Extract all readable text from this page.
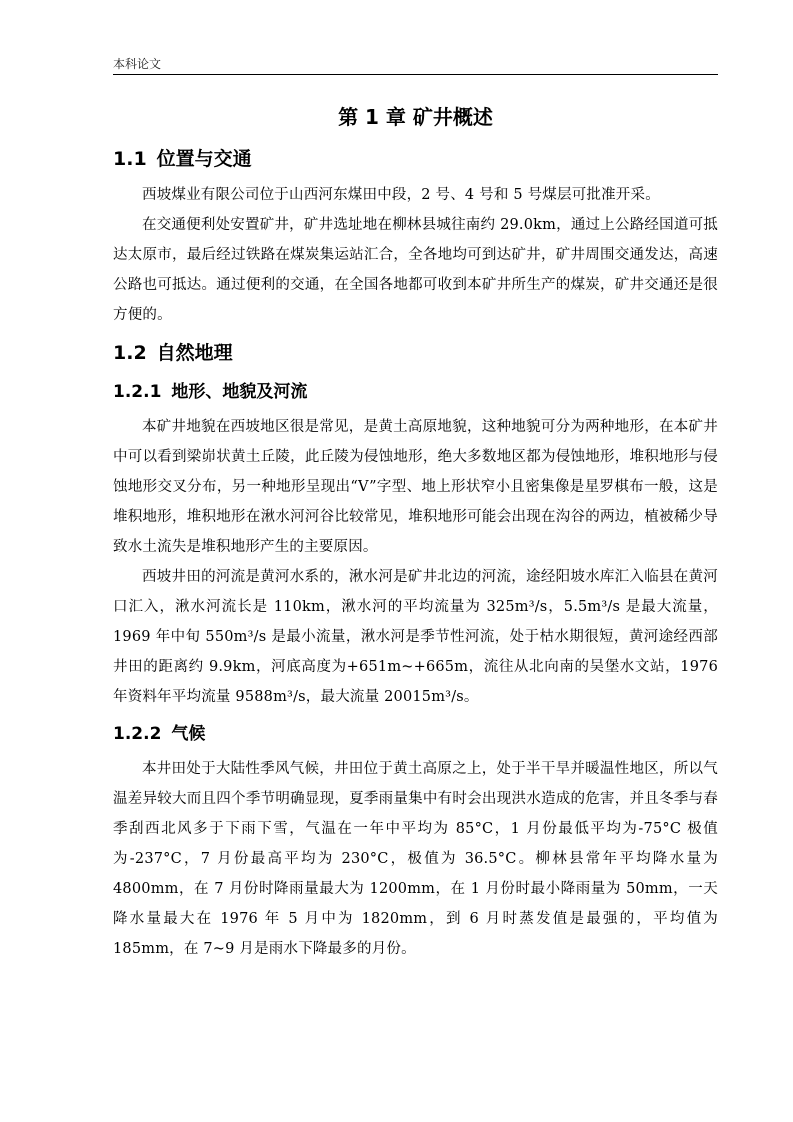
本科论文
第 1 章 矿井概述
1.1 位置与交通

西坡煤业有限公司位于山西河东煤田中段，2 号、4 号和 5 号煤层可批准开采。

在交通便利处安置矿井，矿井选址地在柳林县城往南约 29.0km，通过上公路经国道可抵达太原市，最后经过铁路在煤炭集运站汇合，全各地均可到达矿井，矿井周围交通发达，高速公路也可抵达。通过便利的交通，在全国各地都可收到本矿井所生产的煤炭，矿井交通还是很方便的。

1.2 自然地理
1.2.1 地形、地貌及河流

本矿井地貌在西坡地区很是常见，是黄土高原地貌，这种地貌可分为两种地形，在本矿井中可以看到梁峁状黄土丘陵，此丘陵为侵蚀地形，绝大多数地区都为侵蚀地形，堆积地形与侵蚀地形交叉分布，另一种地形呈现出“V”字型、地上形状窄小且密集像是星罗棋布一般，这是堆积地形，堆积地形在湫水河河谷比较常见，堆积地形可能会出现在沟谷的两边，植被稀少导致水土流失是堆积地形产生的主要原因。

西坡井田的河流是黄河水系的，湫水河是矿井北边的河流，途经阳坡水库汇入临县在黄河口汇入，湫水河流长是 110km，湫水河的平均流量为 325m³/s，5.5m³/s 是最大流量，1969 年中旬 550m³/s 是最小流量，湫水河是季节性河流，处于枯水期很短，黄河途经西部井田的距离约 9.9km，河底高度为+651m~+665m，流往从北向南的吴堡水文站，1976 年资料年平均流量 9588m³/s，最大流量 20015m³/s。

1.2.2 气候

本井田处于大陆性季风气候，井田位于黄土高原之上，处于半干旱并暖温性地区，所以气温差异较大而且四个季节明确显现，夏季雨量集中有时会出现洪水造成的危害，并且冬季与春季刮西北风多于下雨下雪，气温在一年中平均为 85°C，1 月份最低平均为-75°C 极值为-237°C，7 月份最高平均为 230°C，极值为 36.5°C。柳林县常年平均降水量为 4800mm，在 7 月份时降雨量最大为 1200mm，在 1 月份时最小降雨量为 50mm，一天降水量最大在 1976 年 5 月中为 1820mm，到 6 月时蒸发值是最强的，平均值为 185mm，在 7~9 月是雨水下降最多的月份。
